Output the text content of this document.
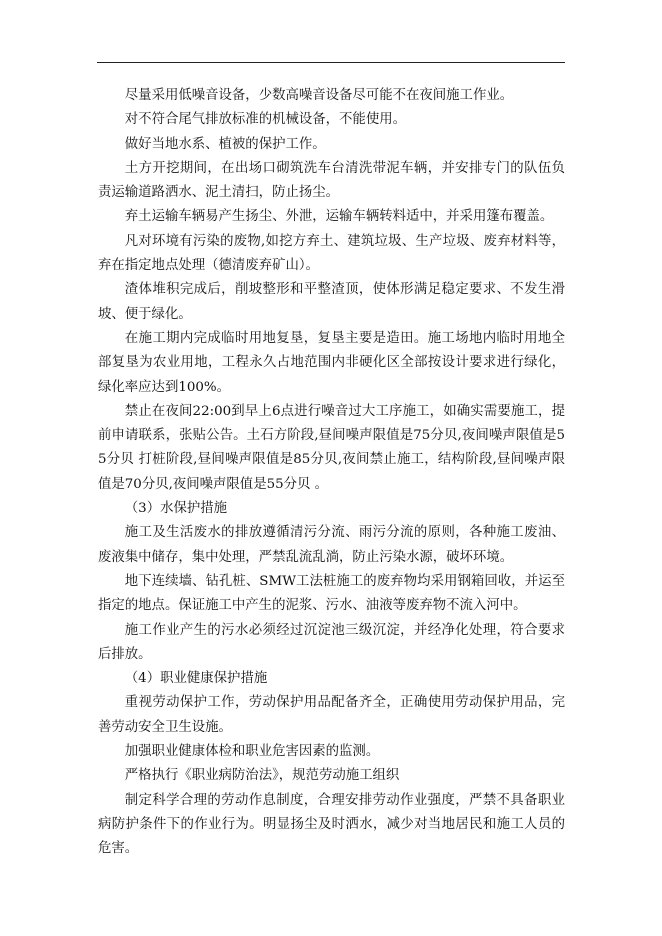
尽量采用低噪音设备，少数高噪音设备尽可能不在夜间施工作业。

对不符合尾气排放标准的机械设备，不能使用。

做好当地水系、植被的保护工作。

土方开挖期间，在出场口砌筑洗车台清洗带泥车辆，并安排专门的队伍负责运输道路洒水、泥土清扫，防止扬尘。

弃土运输车辆易产生扬尘、外泄，运输车辆转料适中，并采用篷布覆盖。

凡对环境有污染的废物,如挖方弃土、建筑垃圾、生产垃圾、废弃材料等，弃在指定地点处理（德清废弃矿山）。

渣体堆积完成后，削坡整形和平整渣顶，使体形满足稳定要求、不发生滑坡、便于绿化。

在施工期内完成临时用地复垦，复垦主要是造田。施工场地内临时用地全部复垦为农业用地，工程永久占地范围内非硬化区全部按设计要求进行绿化，绿化率应达到100%。

禁止在夜间22:00到早上6点进行噪音过大工序施工，如确实需要施工，提前申请联系，张贴公告。土石方阶段,昼间噪声限值是75分贝,夜间噪声限值是55分贝 打桩阶段,昼间噪声限值是85分贝,夜间禁止施工，结构阶段,昼间噪声限值是70分贝,夜间噪声限值是55分贝 。

（3）水保护措施

施工及生活废水的排放遵循清污分流、雨污分流的原则，各种施工废油、废液集中储存，集中处理，严禁乱流乱淌，防止污染水源，破坏环境。

地下连续墙、钻孔桩、SMW工法桩施工的废弃物均采用钢箱回收，并运至指定的地点。保证施工中产生的泥浆、污水、油液等废弃物不流入河中。

施工作业产生的污水必须经过沉淀池三级沉淀，并经净化处理，符合要求后排放。

（4）职业健康保护措施

重视劳动保护工作，劳动保护用品配备齐全，正确使用劳动保护用品，完善劳动安全卫生设施。

加强职业健康体检和职业危害因素的监测。

严格执行《职业病防治法》，规范劳动施工组织

制定科学合理的劳动作息制度，合理安排劳动作业强度，严禁不具备职业病防护条件下的作业行为。明显扬尘及时洒水，减少对当地居民和施工人员的危害。
